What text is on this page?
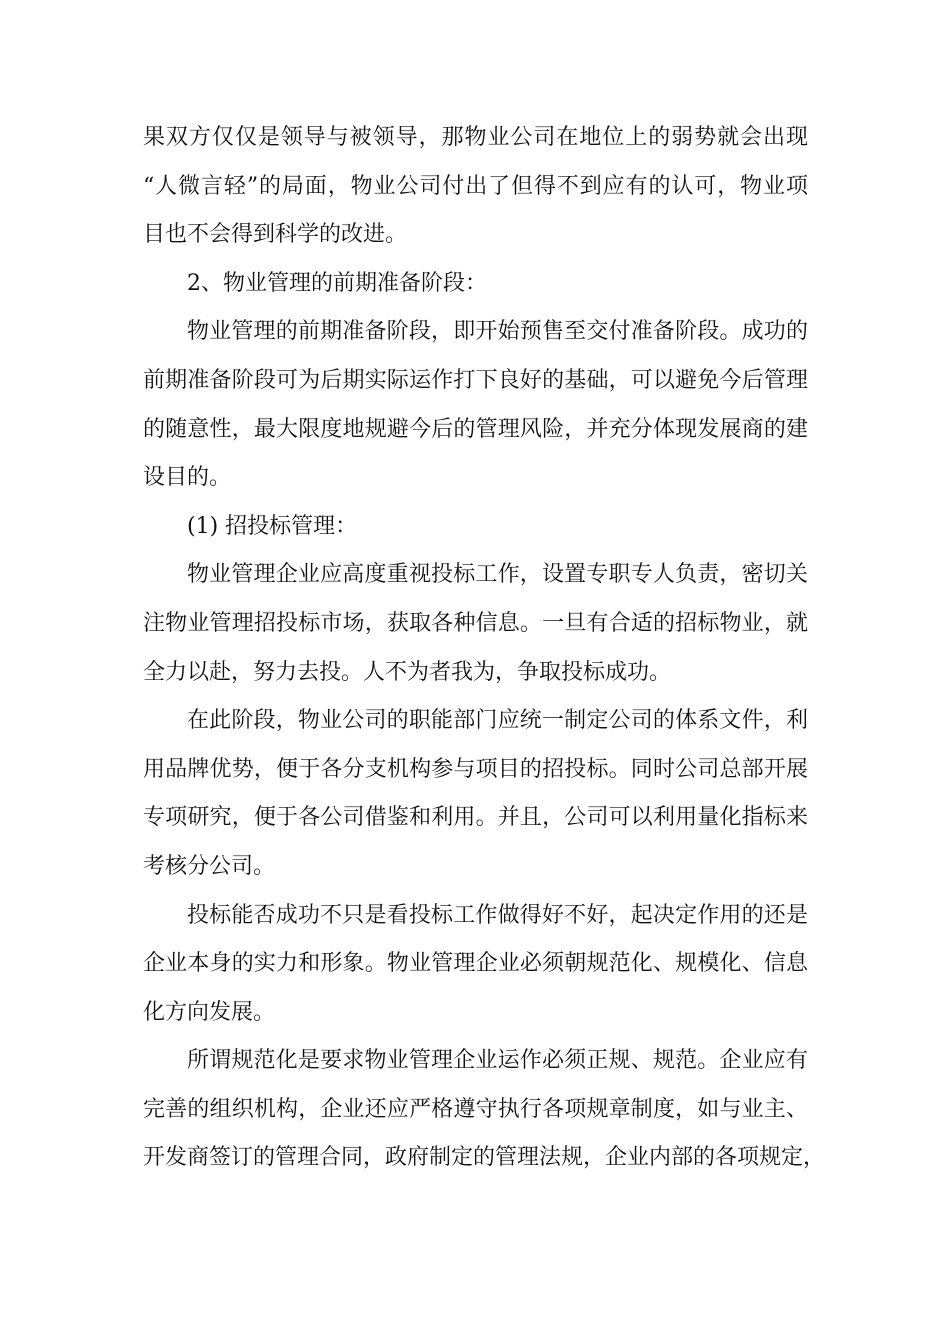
果双方仅仅是领导与被领导，那物业公司在地位上的弱势就会出现
“人微言轻”的局面，物业公司付出了但得不到应有的认可，物业项
目也不会得到科学的改进。

2、物业管理的前期准备阶段：

物业管理的前期准备阶段，即开始预售至交付准备阶段。成功的
前期准备阶段可为后期实际运作打下良好的基础，可以避免今后管理
的随意性，最大限度地规避今后的管理风险，并充分体现发展商的建
设目的。

(1) 招投标管理：

物业管理企业应高度重视投标工作，设置专职专人负责，密切关
注物业管理招投标市场，获取各种信息。一旦有合适的招标物业，就
全力以赴，努力去投。人不为者我为，争取投标成功。

在此阶段，物业公司的职能部门应统一制定公司的体系文件，利
用品牌优势，便于各分支机构参与项目的招投标。同时公司总部开展
专项研究，便于各公司借鉴和利用。并且，公司可以利用量化指标来
考核分公司。

投标能否成功不只是看投标工作做得好不好，起决定作用的还是
企业本身的实力和形象。物业管理企业必须朝规范化、规模化、信息
化方向发展。

所谓规范化是要求物业管理企业运作必须正规、规范。企业应有
完善的组织机构，企业还应严格遵守执行各项规章制度，如与业主、
开发商签订的管理合同，政府制定的管理法规，企业内部的各项规定，
